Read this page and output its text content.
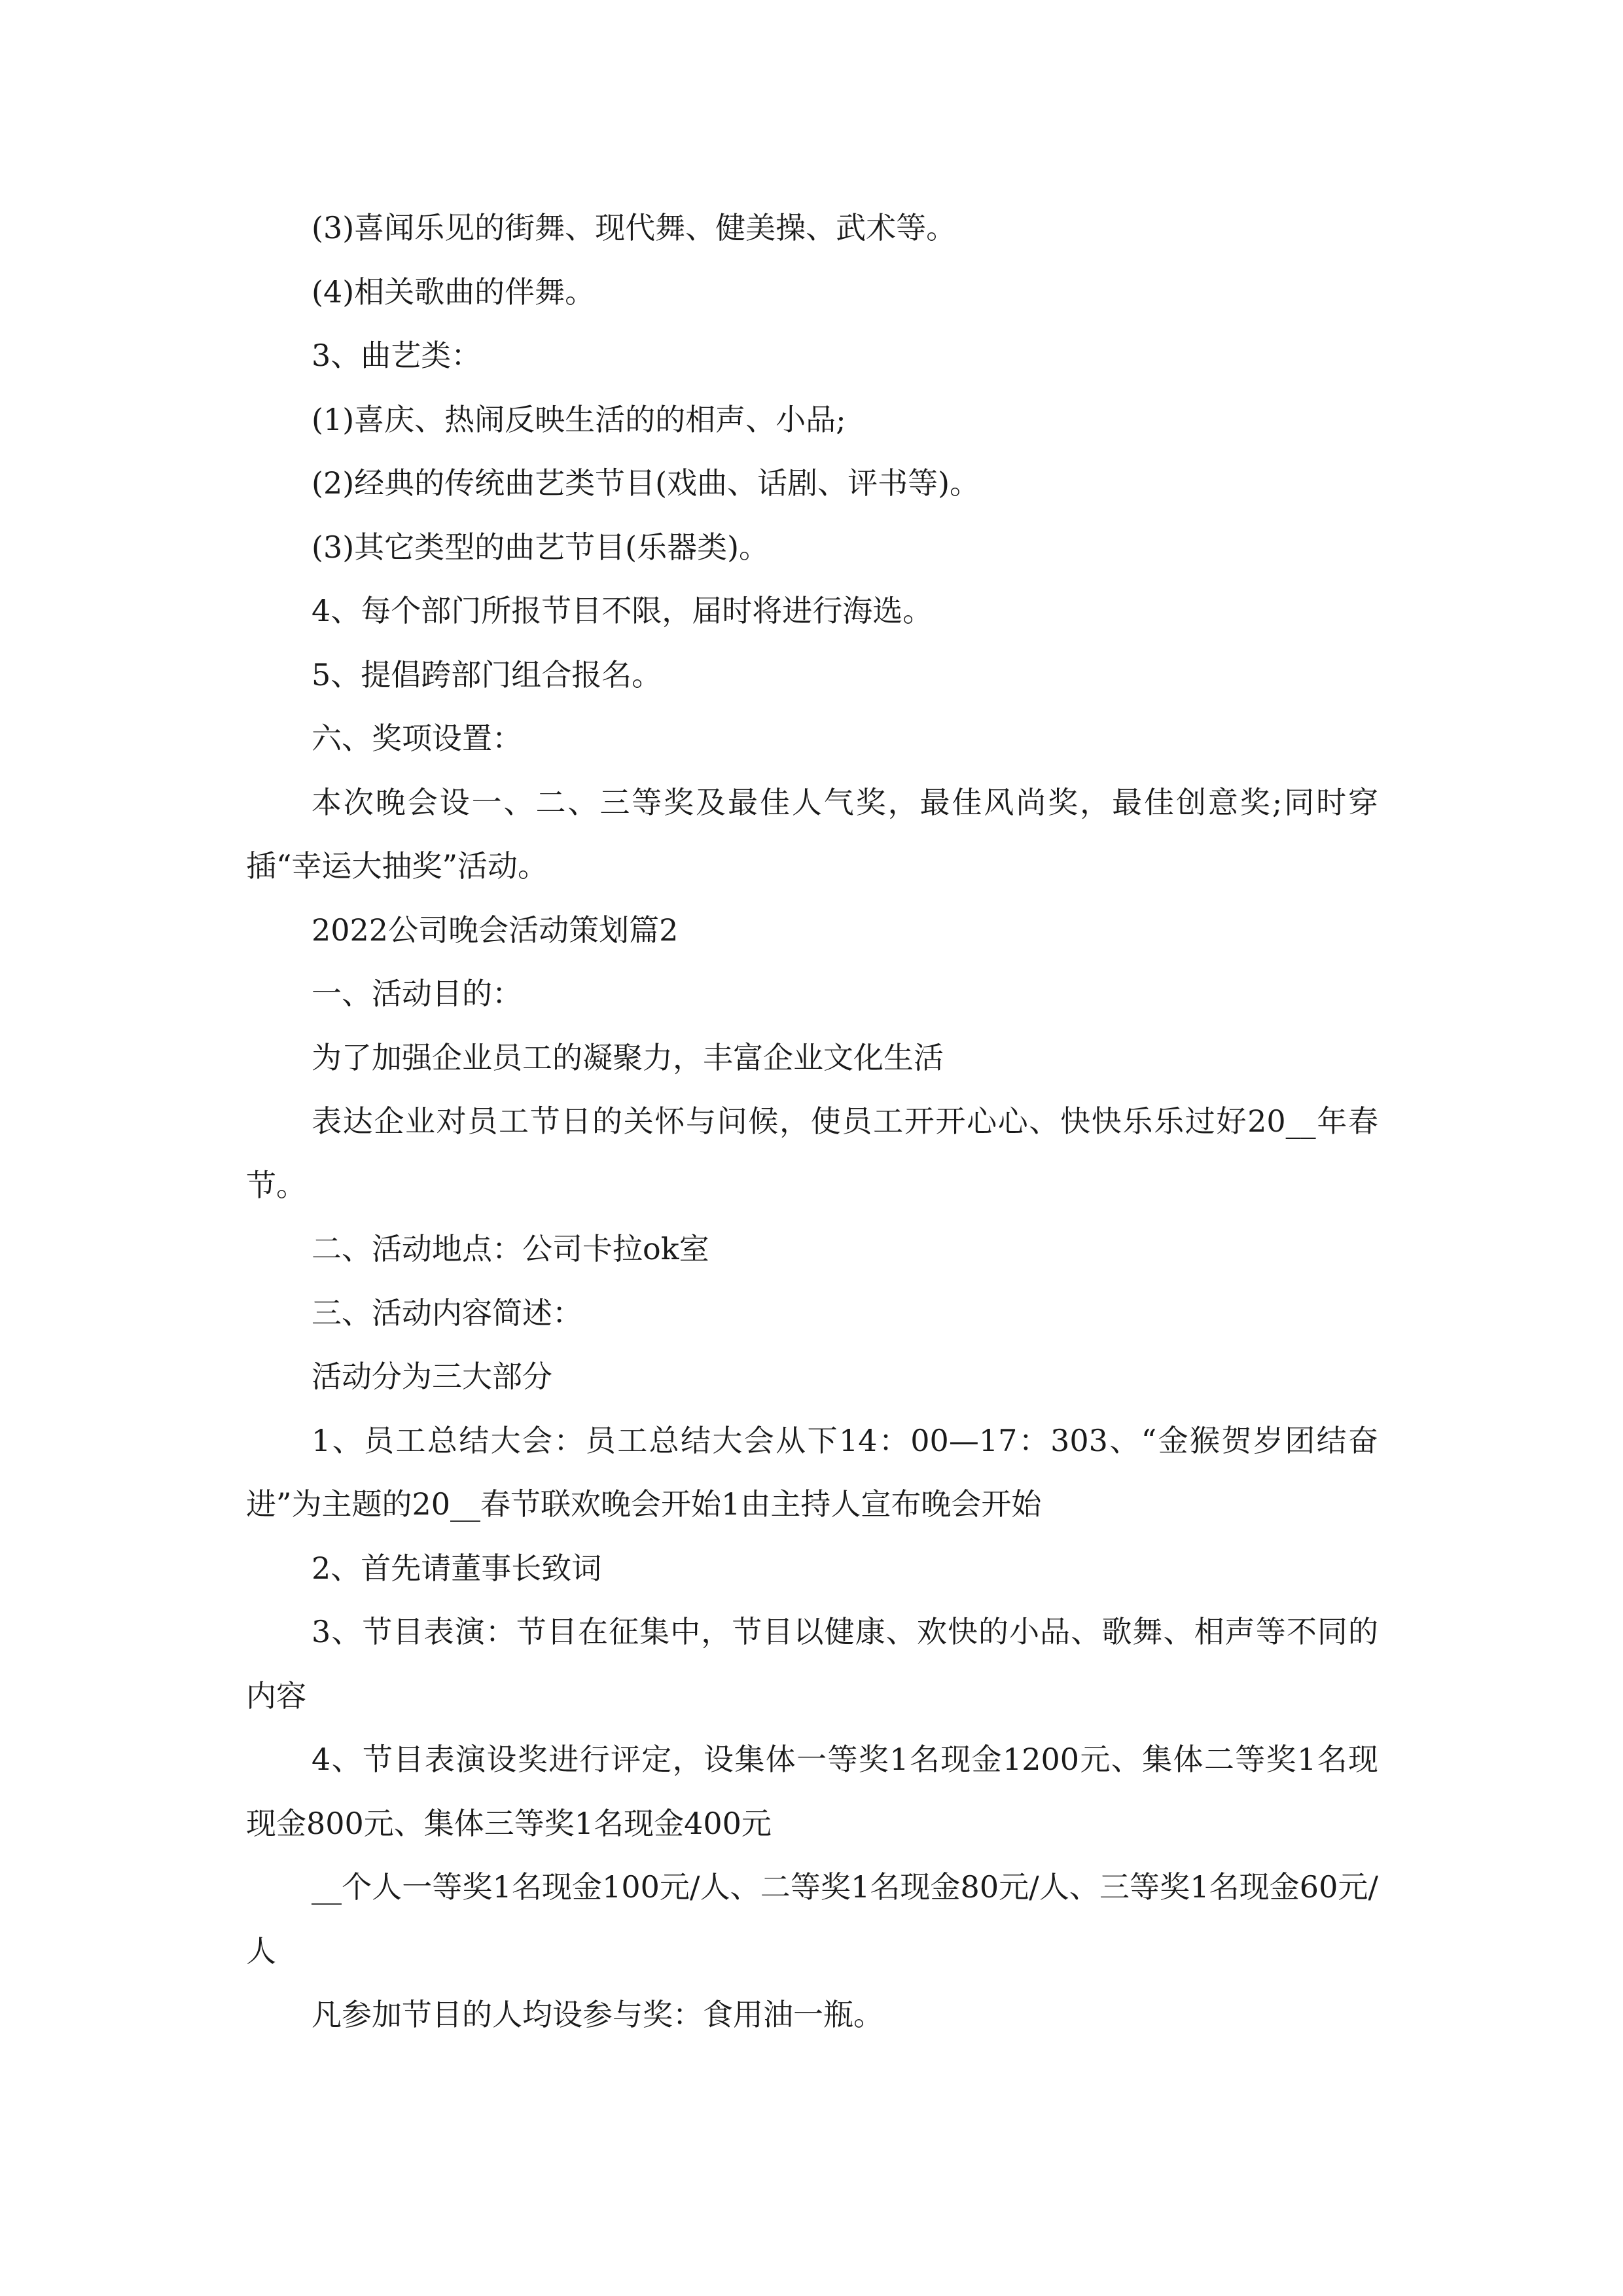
(3)喜闻乐见的街舞、现代舞、健美操、武术等。

(4)相关歌曲的伴舞。

3、曲艺类：

(1)喜庆、热闹反映生活的的相声、小品;

(2)经典的传统曲艺类节目(戏曲、话剧、评书等)。

(3)其它类型的曲艺节目(乐器类)。

4、每个部门所报节目不限，届时将进行海选。

5、提倡跨部门组合报名。

六、奖项设置：

本次晚会设一、二、三等奖及最佳人气奖，最佳风尚奖，最佳创意奖;同时穿插“幸运大抽奖”活动。

2022公司晚会活动策划篇2

一、活动目的：

为了加强企业员工的凝聚力，丰富企业文化生活

表达企业对员工节日的关怀与问候，使员工开开心心、快快乐乐过好20__年春节。

二、活动地点：公司卡拉ok室

三、活动内容简述：

活动分为三大部分

1、员工总结大会：员工总结大会从下14：00—17：303、“金猴贺岁团结奋进”为主题的20__春节联欢晚会开始1由主持人宣布晚会开始

2、首先请董事长致词

3、节目表演：节目在征集中，节目以健康、欢快的小品、歌舞、相声等不同的内容

4、节目表演设奖进行评定，设集体一等奖1名现金1200元、集体二等奖1名现现金800元、集体三等奖1名现金400元

__个人一等奖1名现金100元/人、二等奖1名现金80元/人、三等奖1名现金60元/人

凡参加节目的人均设参与奖：食用油一瓶。
